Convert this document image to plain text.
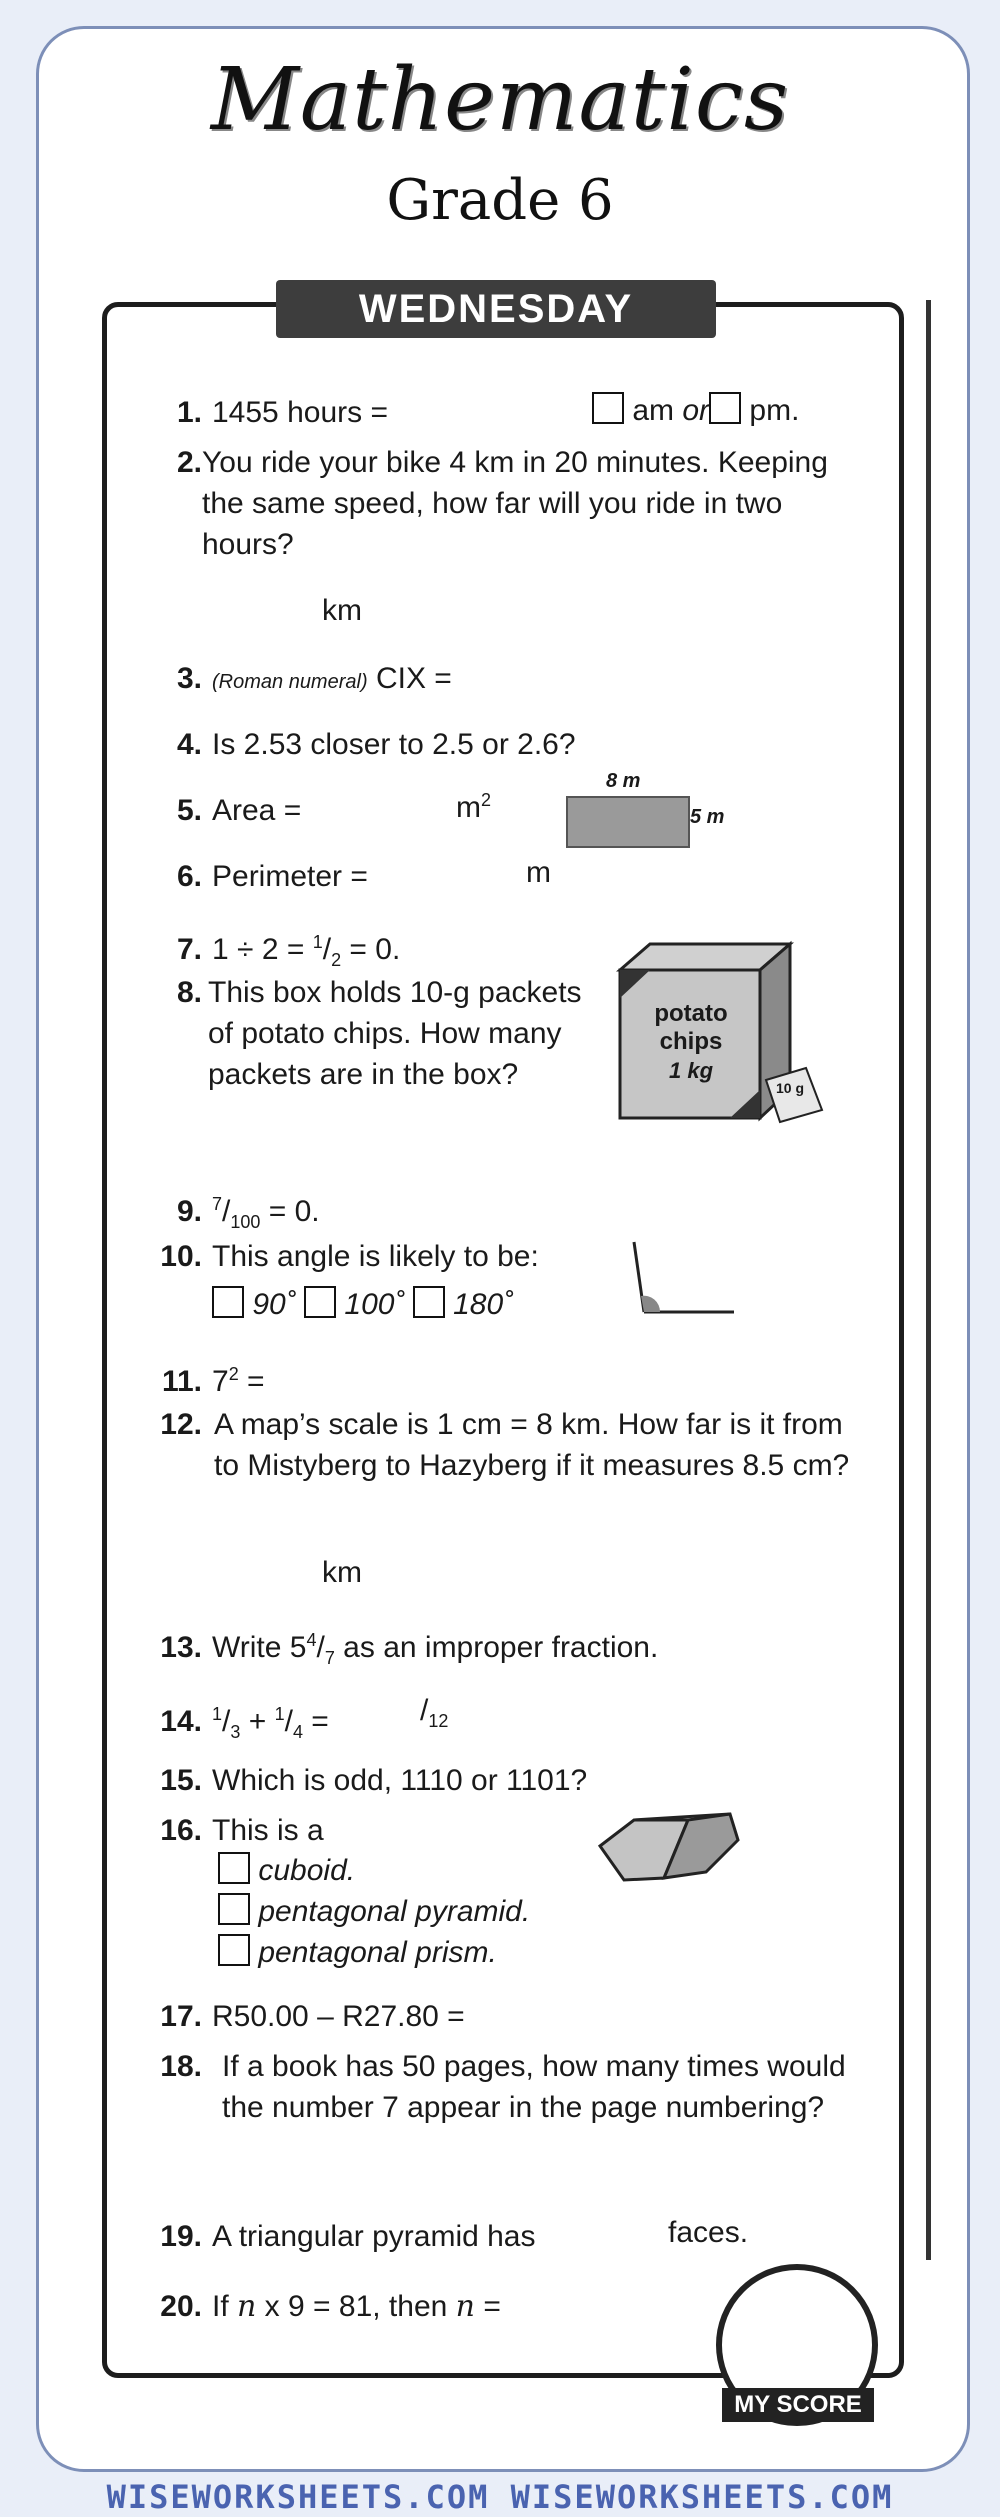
Mathematics
Grade 6
WEDNESDAY
1. 1455 hours =	am or pm.
2. You ride your bike 4 km in 20 minutes. Keeping the same speed, how far will you ride in two hours?
km
3. (Roman numeral) CIX =
4. Is 2.53 closer to 2.5 or 2.6?
5. Area =	$m^2$
8 m
5 m
6. Perimeter =	m
7. $1 \div 2 = ^1/_2 = 0$.
8. This box holds 10-g packets of potato chips. How many packets are in the box?
potato
chips
1 kg
10 g
9. $^7/_{100} = 0$.
10. This angle is likely to be:
90˚ 100˚ 180˚
11. $7^2$ =
12. A map’s scale is 1 cm = 8 km. How far is it from to Mistyberg to Hazyberg if it measures 8.5 cm?
km
13. Write $5^4/_7$ as an improper fraction.
14. $^1/_3 + ^1/_4$ =	$/_{12}$
15. Which is odd, 1110 or 1101?
16. This is a
cuboid.
pentagonal pyramid.
pentagonal prism.
17. R50.00 – R27.80 =
18. If a book has 50 pages, how many times would the number 7 appear in the page numbering?
19. A triangular pyramid has	faces.
20. If n x 9 = 81, then n =
MY SCORE
WISEWORKSHEETS.COM WISEWORKSHEETS.COM
